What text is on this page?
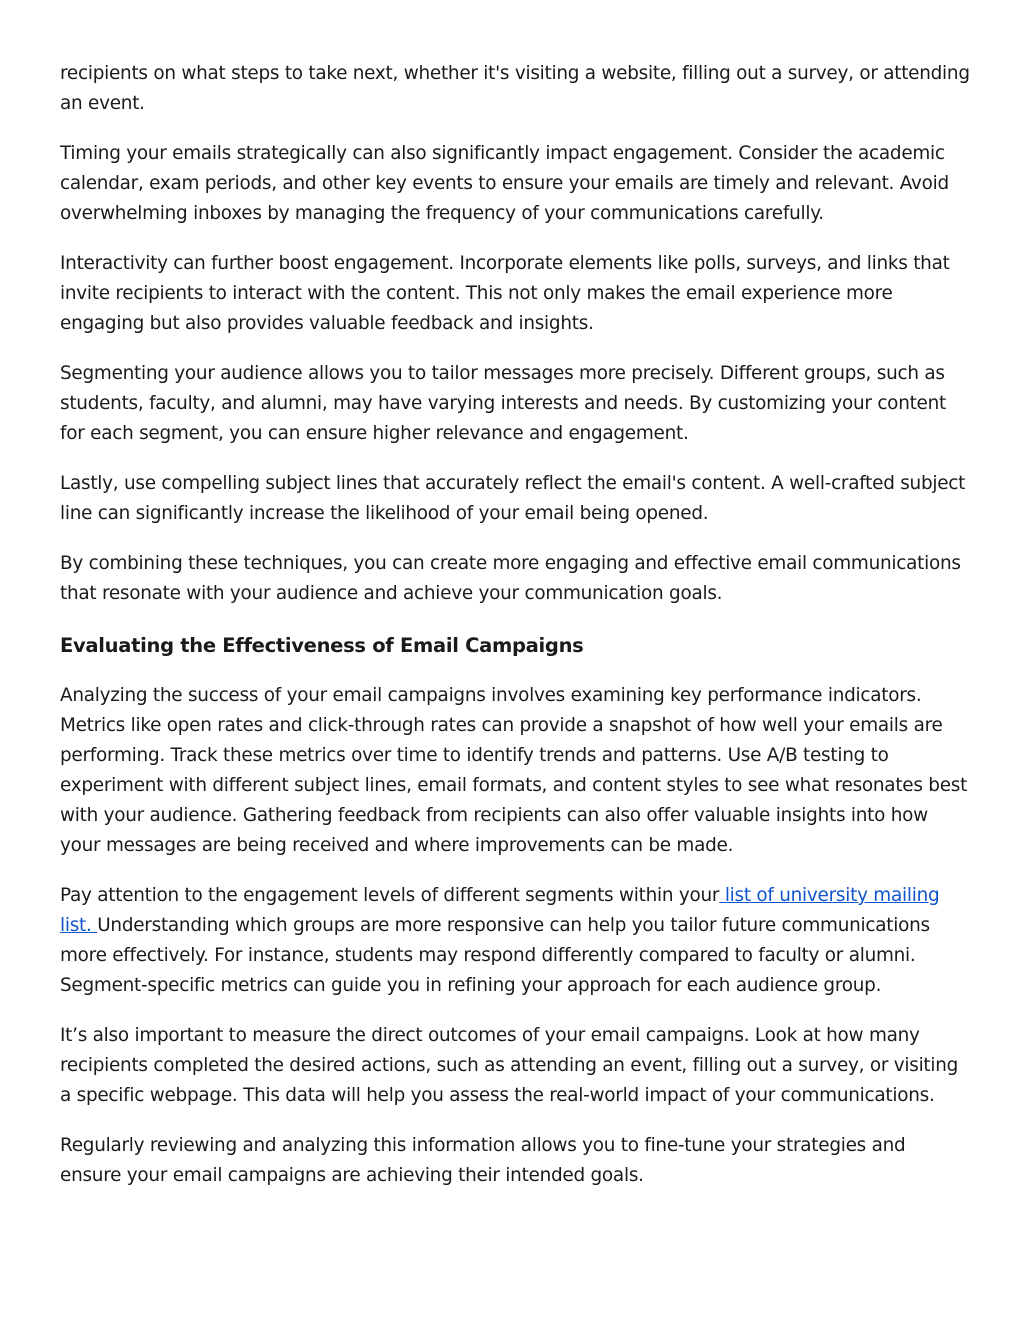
recipients on what steps to take next, whether it's visiting a website, filling out a survey, or attending an event.

Timing your emails strategically can also significantly impact engagement. Consider the academic calendar, exam periods, and other key events to ensure your emails are timely and relevant. Avoid overwhelming inboxes by managing the frequency of your communications carefully.

Interactivity can further boost engagement. Incorporate elements like polls, surveys, and links that invite recipients to interact with the content. This not only makes the email experience more engaging but also provides valuable feedback and insights.

Segmenting your audience allows you to tailor messages more precisely. Different groups, such as students, faculty, and alumni, may have varying interests and needs. By customizing your content for each segment, you can ensure higher relevance and engagement.

Lastly, use compelling subject lines that accurately reflect the email's content. A well-crafted subject line can significantly increase the likelihood of your email being opened.

By combining these techniques, you can create more engaging and effective email communications that resonate with your audience and achieve your communication goals.

Evaluating the Effectiveness of Email Campaigns

Analyzing the success of your email campaigns involves examining key performance indicators. Metrics like open rates and click-through rates can provide a snapshot of how well your emails are performing. Track these metrics over time to identify trends and patterns. Use A/B testing to experiment with different subject lines, email formats, and content styles to see what resonates best with your audience. Gathering feedback from recipients can also offer valuable insights into how your messages are being received and where improvements can be made.

Pay attention to the engagement levels of different segments within your list of university mailing list. Understanding which groups are more responsive can help you tailor future communications more effectively. For instance, students may respond differently compared to faculty or alumni. Segment-specific metrics can guide you in refining your approach for each audience group.

It’s also important to measure the direct outcomes of your email campaigns. Look at how many recipients completed the desired actions, such as attending an event, filling out a survey, or visiting a specific webpage. This data will help you assess the real-world impact of your communications.

Regularly reviewing and analyzing this information allows you to fine-tune your strategies and ensure your email campaigns are achieving their intended goals.
